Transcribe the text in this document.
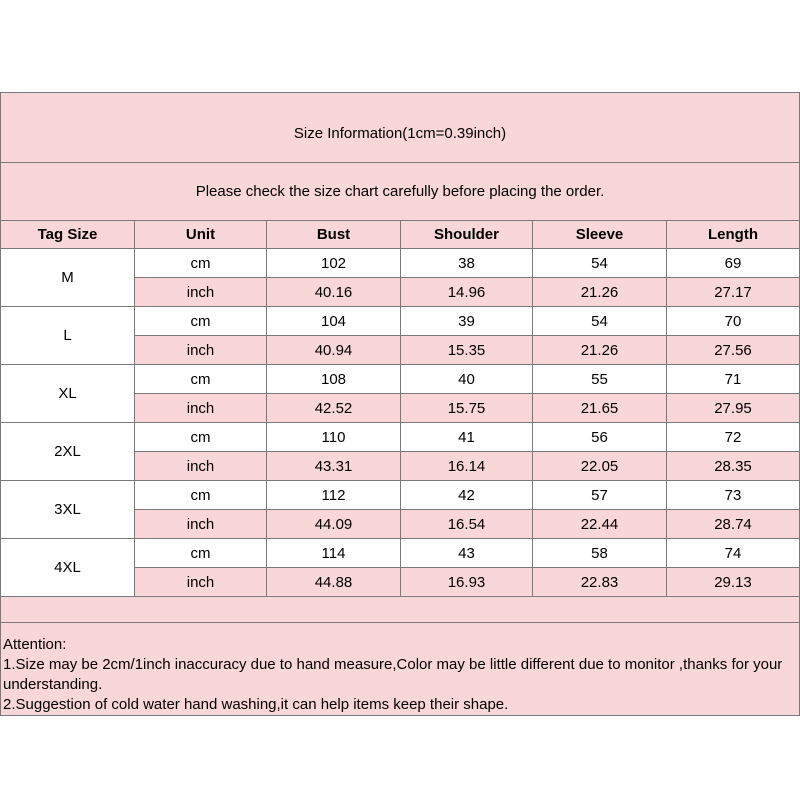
Size Information(1cm=0.39inch)					
Please check the size chart carefully before placing the order.					
Tag Size	Unit	Bust	Shoulder	Sleeve	Length
M	cm	102	38	54	69
	inch	40.16	14.96	21.26	27.17
L	cm	104	39	54	70
	inch	40.94	15.35	21.26	27.56
XL	cm	108	40	55	71
	inch	42.52	15.75	21.65	27.95
2XL	cm	110	41	56	72
	inch	43.31	16.14	22.05	28.35
3XL	cm	112	42	57	73
	inch	44.09	16.54	22.44	28.74
4XL	cm	114	43	58	74
	inch	44.88	16.93	22.83	29.13

Attention:
1.Size may be 2cm/1inch inaccuracy due to hand measure,Color may be little different due to monitor ,thanks for your understanding.
2.Suggestion of cold water hand washing,it can help items keep their shape.					
